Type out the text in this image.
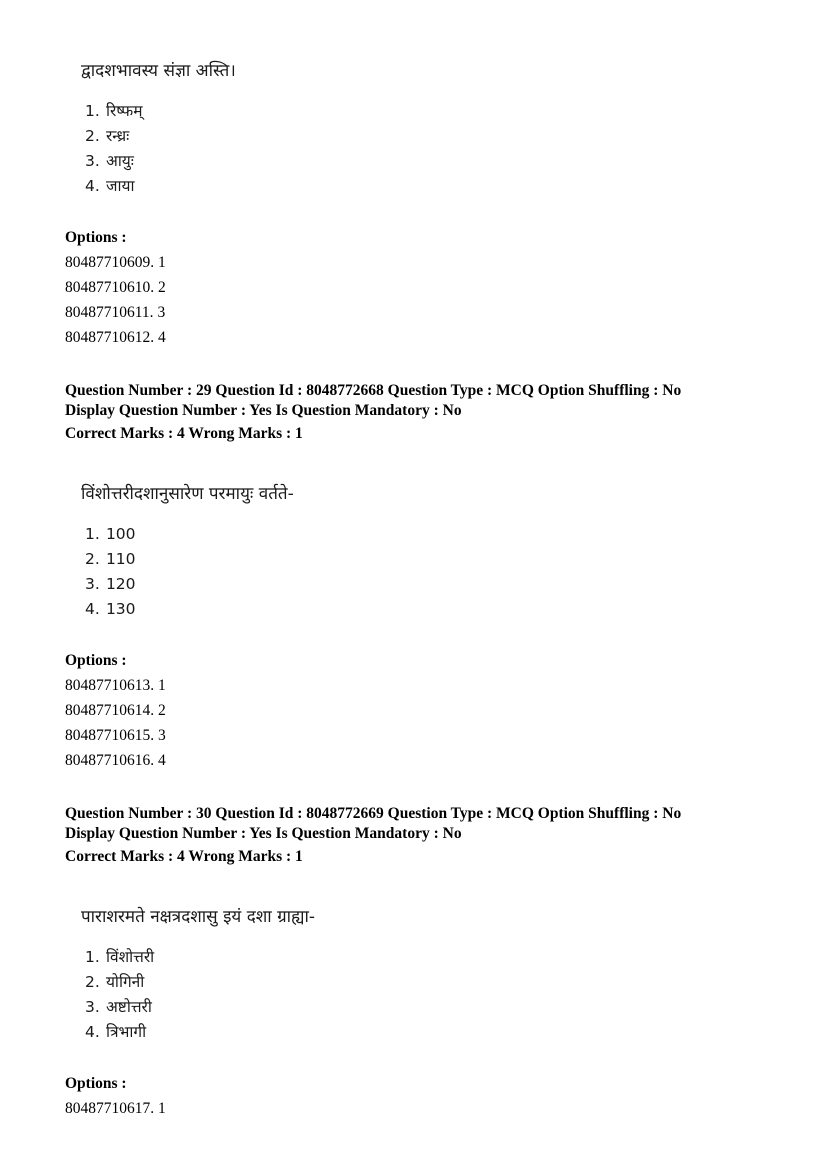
द्वादशभावस्य संज्ञा अस्ति।
1. रिष्फम्
2. रन्ध्रः
3. आयुः
4. जाया
Options :
80487710609. 1
80487710610. 2
80487710611. 3
80487710612. 4
Question Number : 29 Question Id : 8048772668 Question Type : MCQ Option Shuffling : No
Display Question Number : Yes Is Question Mandatory : No
Correct Marks : 4 Wrong Marks : 1
विंशोत्तरीदशानुसारेण परमायुः वर्तते-
1. 100
2. 110
3. 120
4. 130
Options :
80487710613. 1
80487710614. 2
80487710615. 3
80487710616. 4
Question Number : 30 Question Id : 8048772669 Question Type : MCQ Option Shuffling : No
Display Question Number : Yes Is Question Mandatory : No
Correct Marks : 4 Wrong Marks : 1
पाराशरमते नक्षत्रदशासु इयं दशा ग्राह्या-
1. विंशोत्तरी
2. योगिनी
3. अष्टोत्तरी
4. त्रिभागी
Options :
80487710617. 1
